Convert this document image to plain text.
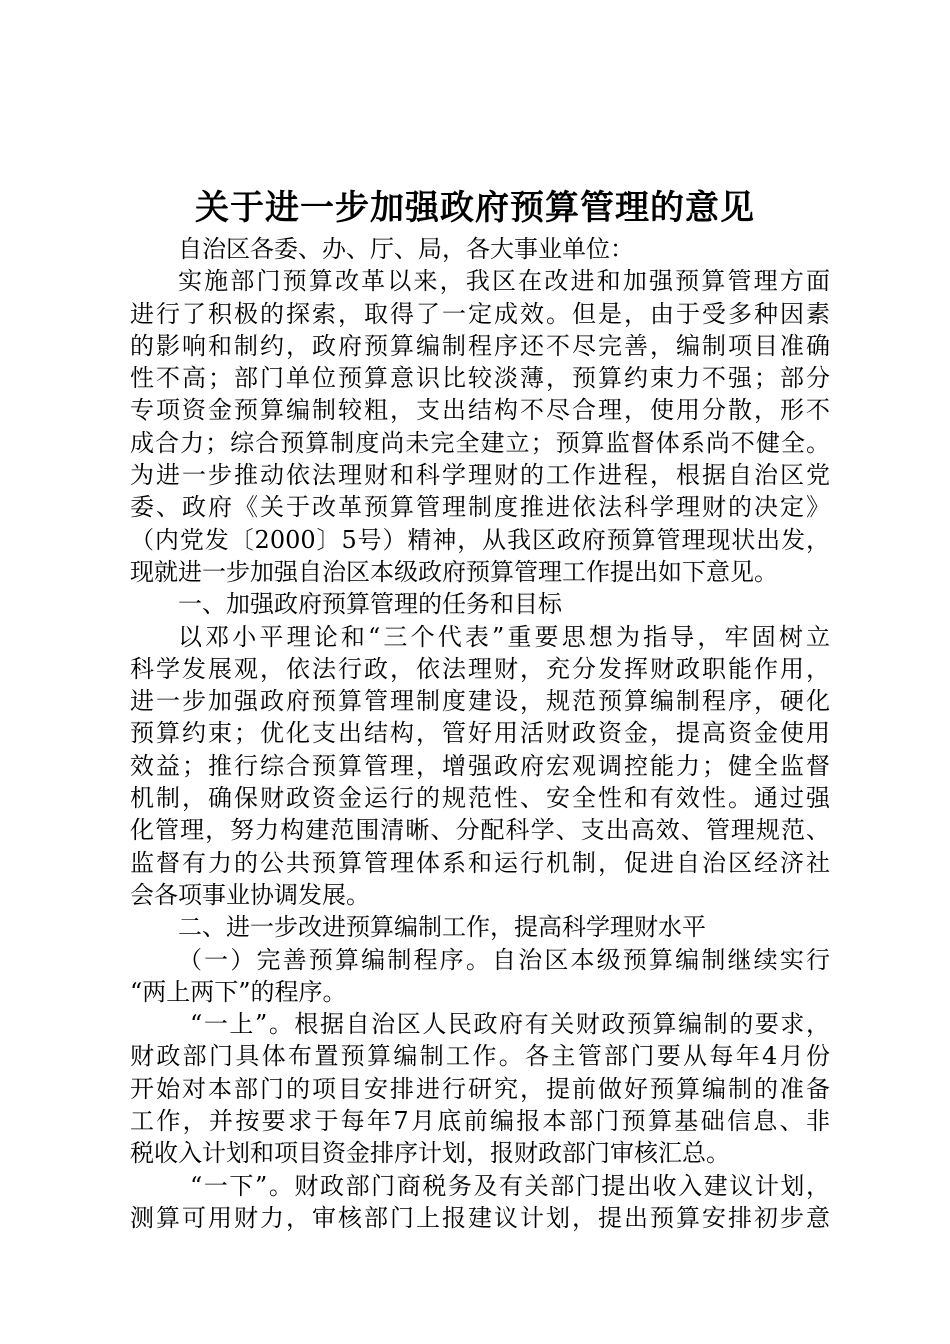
关于进一步加强政府预算管理的意见
自治区各委、办、厅、局，各大事业单位：
实施部门预算改革以来，我区在改进和加强预算管理方面
进行了积极的探索，取得了一定成效。但是，由于受多种因素
的影响和制约，政府预算编制程序还不尽完善，编制项目准确
性不高；部门单位预算意识比较淡薄，预算约束力不强；部分
专项资金预算编制较粗，支出结构不尽合理，使用分散，形不
成合力；综合预算制度尚未完全建立；预算监督体系尚不健全。
为进一步推动依法理财和科学理财的工作进程，根据自治区党
委、政府《关于改革预算管理制度推进依法科学理财的决定》
（内党发〔2000〕5号）精神，从我区政府预算管理现状出发，
现就进一步加强自治区本级政府预算管理工作提出如下意见。
一、加强政府预算管理的任务和目标
以邓小平理论和“三个代表”重要思想为指导，牢固树立
科学发展观，依法行政，依法理财，充分发挥财政职能作用，
进一步加强政府预算管理制度建设，规范预算编制程序，硬化
预算约束；优化支出结构，管好用活财政资金，提高资金使用
效益；推行综合预算管理，增强政府宏观调控能力；健全监督
机制，确保财政资金运行的规范性、安全性和有效性。通过强
化管理，努力构建范围清晰、分配科学、支出高效、管理规范、
监督有力的公共预算管理体系和运行机制，促进自治区经济社
会各项事业协调发展。
二、进一步改进预算编制工作，提高科学理财水平
（一）完善预算编制程序。自治区本级预算编制继续实行
“两上两下”的程序。
“一上”。根据自治区人民政府有关财政预算编制的要求，
财政部门具体布置预算编制工作。各主管部门要从每年4月份
开始对本部门的项目安排进行研究，提前做好预算编制的准备
工作，并按要求于每年7月底前编报本部门预算基础信息、非
税收入计划和项目资金排序计划，报财政部门审核汇总。
“一下”。财政部门商税务及有关部门提出收入建议计划，
测算可用财力，审核部门上报建议计划，提出预算安排初步意
